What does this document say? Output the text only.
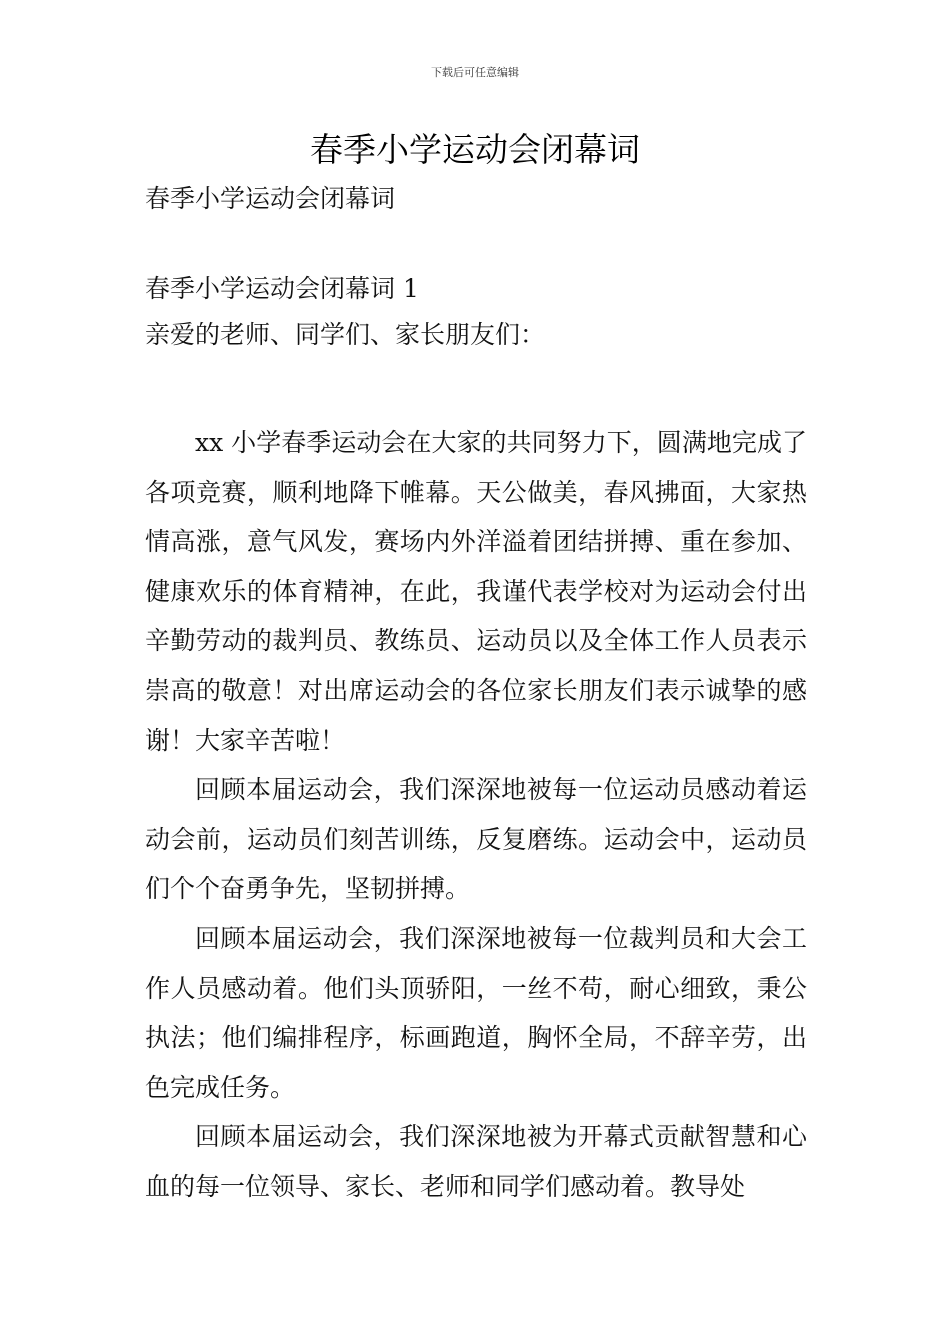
下载后可任意编辑
春季小学运动会闭幕词

春季小学运动会闭幕词

春季小学运动会闭幕词 1

亲爱的老师、同学们、家长朋友们：

xx 小学春季运动会在大家的共同努力下，圆满地完成了各项竞赛，顺利地降下帷幕。天公做美，春风拂面，大家热情高涨，意气风发，赛场内外洋溢着团结拼搏、重在参加、健康欢乐的体育精神，在此，我谨代表学校对为运动会付出辛勤劳动的裁判员、教练员、运动员以及全体工作人员表示崇高的敬意！对出席运动会的各位家长朋友们表示诚挚的感谢！大家辛苦啦！

回顾本届运动会，我们深深地被每一位运动员感动着运动会前，运动员们刻苦训练，反复磨练。运动会中，运动员们个个奋勇争先，坚韧拼搏。

回顾本届运动会，我们深深地被每一位裁判员和大会工作人员感动着。他们头顶骄阳，一丝不苟，耐心细致，秉公执法；他们编排程序，标画跑道，胸怀全局，不辞辛劳，出色完成任务。

回顾本届运动会，我们深深地被为开幕式贡献智慧和心血的每一位领导、家长、老师和同学们感动着。教导处
